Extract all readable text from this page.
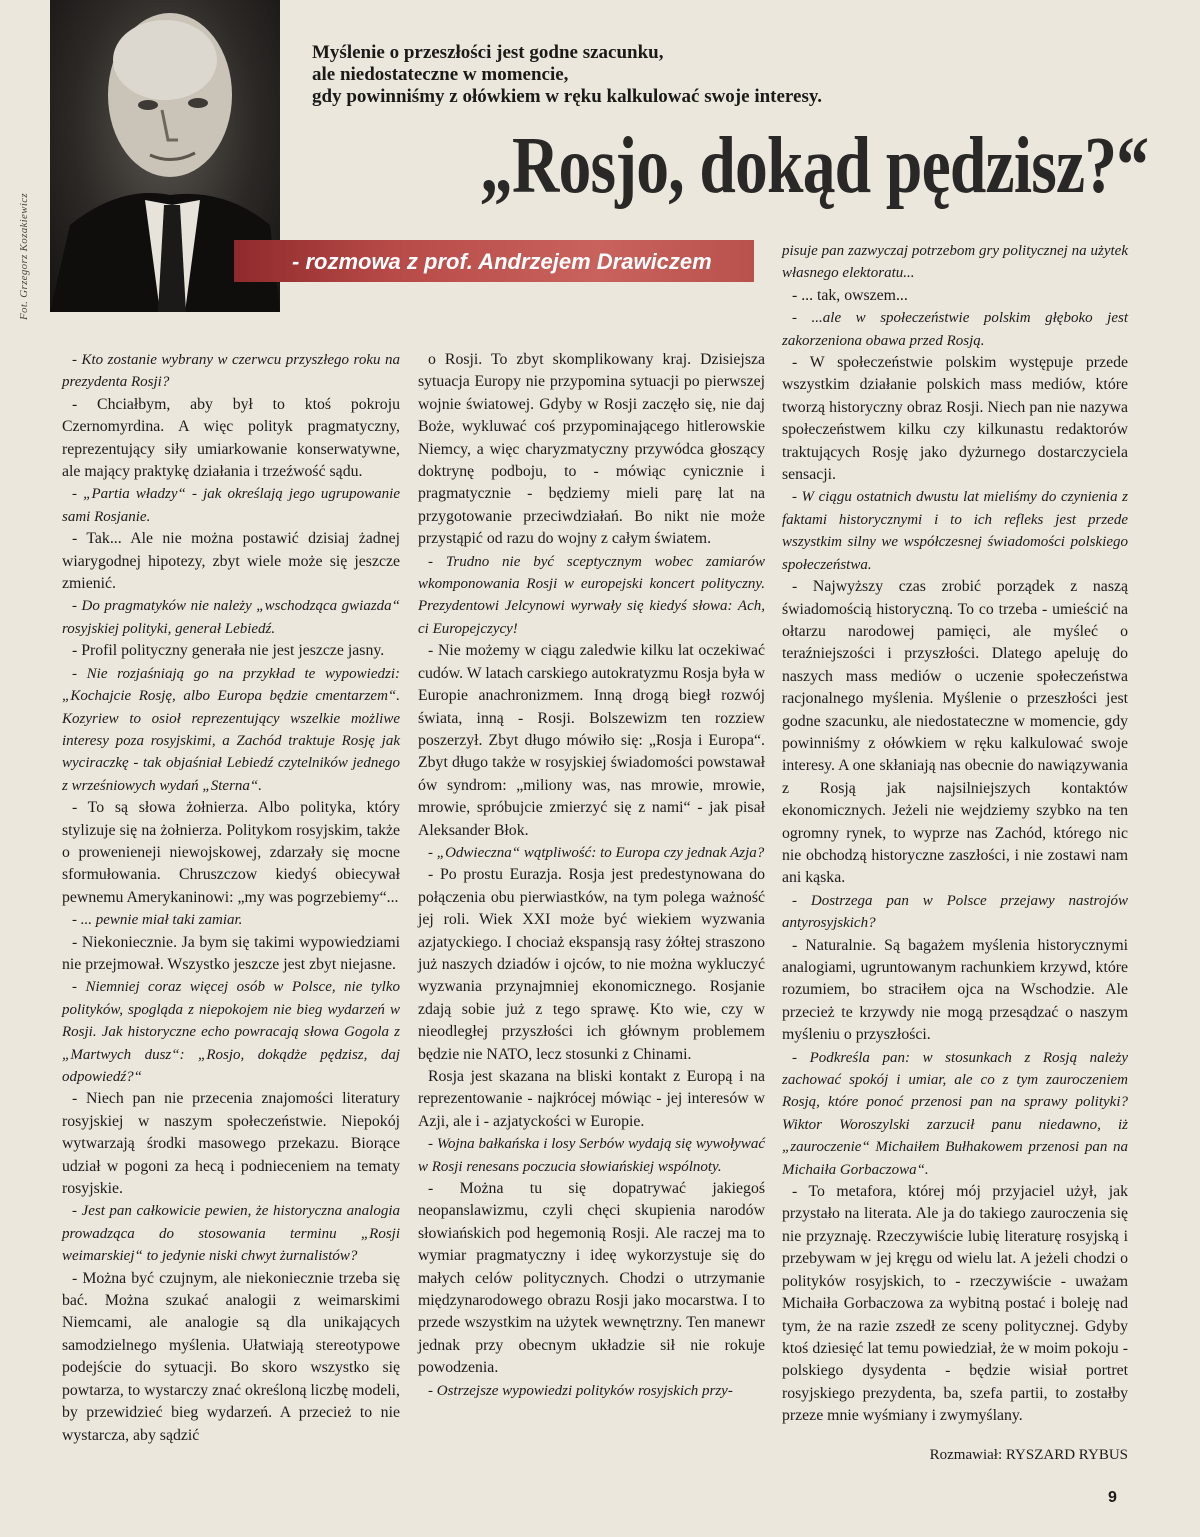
Fot. Grzegorz Kozakiewicz
Myślenie o przeszłości jest godne szacunku,
ale niedostateczne w momencie,
gdy powinniśmy z ołówkiem w ręku kalkulować swoje interesy.
„Rosjo, dokąd pędzisz?“
- rozmowa z prof. Andrzejem Drawiczem

- Kto zostanie wybrany w czerwcu przyszłego roku na prezydenta Rosji?

- Chciałbym, aby był to ktoś pokroju Czernomyrdina. A więc polityk pragmatyczny, reprezentujący siły umiarkowanie konserwatywne, ale mający praktykę działania i trzeźwość sądu.

- „Partia władzy“ - jak określają jego ugrupowanie sami Rosjanie.

- Tak... Ale nie można postawić dzisiaj żadnej wiarygodnej hipotezy, zbyt wiele może się jeszcze zmienić.

- Do pragmatyków nie należy „wschodząca gwiazda“ rosyjskiej polityki, generał Lebiedź.

- Profil polityczny generała nie jest jeszcze jasny.

- Nie rozjaśniają go na przykład te wypowiedzi: „Kochajcie Rosję, albo Europa będzie cmentarzem“. Kozyriew to osioł reprezentujący wszelkie możliwe interesy poza rosyjskimi, a Zachód traktuje Rosję jak wyciraczkę - tak objaśniał Lebiedź czytelników jednego z wrześniowych wydań „Sterna“.

- To są słowa żołnierza. Albo polityka, który stylizuje się na żołnierza. Politykom rosyjskim, także o prowenieneji niewojskowej, zdarzały się mocne sformułowania. Chruszczow kiedyś obiecywał pewnemu Amerykaninowi: „my was pogrzebiemy“...

- ... pewnie miał taki zamiar.

- Niekoniecznie. Ja bym się takimi wypowiedziami nie przejmował. Wszystko jeszcze jest zbyt niejasne.

- Niemniej coraz więcej osób w Polsce, nie tylko polityków, spogląda z niepokojem nie bieg wydarzeń w Rosji. Jak historyczne echo powracają słowa Gogola z „Martwych dusz“: „Rosjo, dokądże pędzisz, daj odpowiedź?“

- Niech pan nie przecenia znajomości literatury rosyjskiej w naszym społeczeństwie. Niepokój wytwarzają środki masowego przekazu. Biorące udział w pogoni za hecą i podnieceniem na tematy rosyjskie.

- Jest pan całkowicie pewien, że historyczna analogia prowadząca do stosowania terminu „Rosji weimarskiej“ to jedynie niski chwyt żurnalistów?

- Można być czujnym, ale niekoniecznie trzeba się bać. Można szukać analogii z weimarskimi Niemcami, ale analogie są dla unikających samodzielnego myślenia. Ułatwiają stereotypowe podejście do sytuacji. Bo skoro wszystko się powtarza, to wystarczy znać określoną liczbę modeli, by przewidzieć bieg wydarzeń. A przecież to nie wystarcza, aby sądzić

o Rosji. To zbyt skomplikowany kraj. Dzisiejsza sytuacja Europy nie przypomina sytuacji po pierwszej wojnie światowej. Gdyby w Rosji zaczęło się, nie daj Boże, wykluwać coś przypominającego hitlerowskie Niemcy, a więc charyzmatyczny przywódca głoszący doktrynę podboju, to - mówiąc cynicznie i pragmatycznie - będziemy mieli parę lat na przygotowanie przeciwdziałań. Bo nikt nie może przystąpić od razu do wojny z całym światem.

- Trudno nie być sceptycznym wobec zamiarów wkomponowania Rosji w europejski koncert polityczny. Prezydentowi Jelcynowi wyrwały się kiedyś słowa: Ach, ci Europejczycy!

- Nie możemy w ciągu zaledwie kilku lat oczekiwać cudów. W latach carskiego autokratyzmu Rosja była w Europie anachronizmem. Inną drogą biegł rozwój świata, inną - Rosji. Bolszewizm ten rozziew poszerzył. Zbyt długo mówiło się: „Rosja i Europa“. Zbyt długo także w rosyjskiej świadomości powstawał ów syndrom: „miliony was, nas mrowie, mrowie, mrowie, spróbujcie zmierzyć się z nami“ - jak pisał Aleksander Błok.

- „Odwieczna“ wątpliwość: to Europa czy jednak Azja?

- Po prostu Eurazja. Rosja jest predestynowana do połączenia obu pierwiastków, na tym polega ważność jej roli. Wiek XXI może być wiekiem wyzwania azjatyckiego. I chociaż ekspansją rasy żółtej straszono już naszych dziadów i ojców, to nie można wykluczyć wyzwania przynajmniej ekonomicznego. Rosjanie zdają sobie już z tego sprawę. Kto wie, czy w nieodległej przyszłości ich głównym problemem będzie nie NATO, lecz stosunki z Chinami.

Rosja jest skazana na bliski kontakt z Europą i na reprezentowanie - najkrócej mówiąc - jej interesów w Azji, ale i - azjatyckości w Europie.

- Wojna bałkańska i losy Serbów wydają się wywoływać w Rosji renesans poczucia słowiańskiej wspólnoty.

- Można tu się dopatrywać jakiegoś neopanslawizmu, czyli chęci skupienia narodów słowiańskich pod hegemonią Rosji. Ale raczej ma to wymiar pragmatyczny i ideę wykorzystuje się do małych celów politycznych. Chodzi o utrzymanie międzynarodowego obrazu Rosji jako mocarstwa. I to przede wszystkim na użytek wewnętrzny. Ten manewr jednak przy obecnym układzie sił nie rokuje powodzenia.

- Ostrzejsze wypowiedzi polityków rosyjskich przy-

pisuje pan zazwyczaj potrzebom gry politycznej na użytek własnego elektoratu...

- ... tak, owszem...

- ...ale w społeczeństwie polskim głęboko jest zakorzeniona obawa przed Rosją.

- W społeczeństwie polskim występuje przede wszystkim działanie polskich mass mediów, które tworzą historyczny obraz Rosji. Niech pan nie nazywa społeczeństwem kilku czy kilkunastu redaktorów traktujących Rosję jako dyżurnego dostarczyciela sensacji.

- W ciągu ostatnich dwustu lat mieliśmy do czynienia z faktami historycznymi i to ich refleks jest przede wszystkim silny we współczesnej świadomości polskiego społeczeństwa.

- Najwyższy czas zrobić porządek z naszą świadomością historyczną. To co trzeba - umieścić na ołtarzu narodowej pamięci, ale myśleć o teraźniejszości i przyszłości. Dlatego apeluję do naszych mass mediów o uczenie społeczeństwa racjonalnego myślenia. Myślenie o przeszłości jest godne szacunku, ale niedostateczne w momencie, gdy powinniśmy z ołówkiem w ręku kalkulować swoje interesy. A one skłaniają nas obecnie do nawiązywania z Rosją jak najsilniejszych kontaktów ekonomicznych. Jeżeli nie wejdziemy szybko na ten ogromny rynek, to wyprze nas Zachód, którego nic nie obchodzą historyczne zaszłości, i nie zostawi nam ani kąska.

- Dostrzega pan w Polsce przejawy nastrojów antyrosyjskich?

- Naturalnie. Są bagażem myślenia historycznymi analogiami, ugruntowanym rachunkiem krzywd, które rozumiem, bo straciłem ojca na Wschodzie. Ale przecież te krzywdy nie mogą przesądzać o naszym myśleniu o przyszłości.

- Podkreśla pan: w stosunkach z Rosją należy zachować spokój i umiar, ale co z tym zauroczeniem Rosją, które ponoć przenosi pan na sprawy polityki? Wiktor Woroszylski zarzucił panu niedawno, iż „zauroczenie“ Michaiłem Bułhakowem przenosi pan na Michaiła Gorbaczowa“.

- To metafora, której mój przyjaciel użył, jak przystało na literata. Ale ja do takiego zauroczenia się nie przyznaję. Rzeczywiście lubię literaturę rosyjską i przebywam w jej kręgu od wielu lat. A jeżeli chodzi o polityków rosyjskich, to - rzeczywiście - uważam Michaiła Gorbaczowa za wybitną postać i boleję nad tym, że na razie zszedł ze sceny politycznej. Gdyby ktoś dziesięć lat temu powiedział, że w moim pokoju - polskiego dysydenta - będzie wisiał portret rosyjskiego prezydenta, ba, szefa partii, to zostałby przeze mnie wyśmiany i zwymyślany.

Rozmawiał: RYSZARD RYBUS
9
